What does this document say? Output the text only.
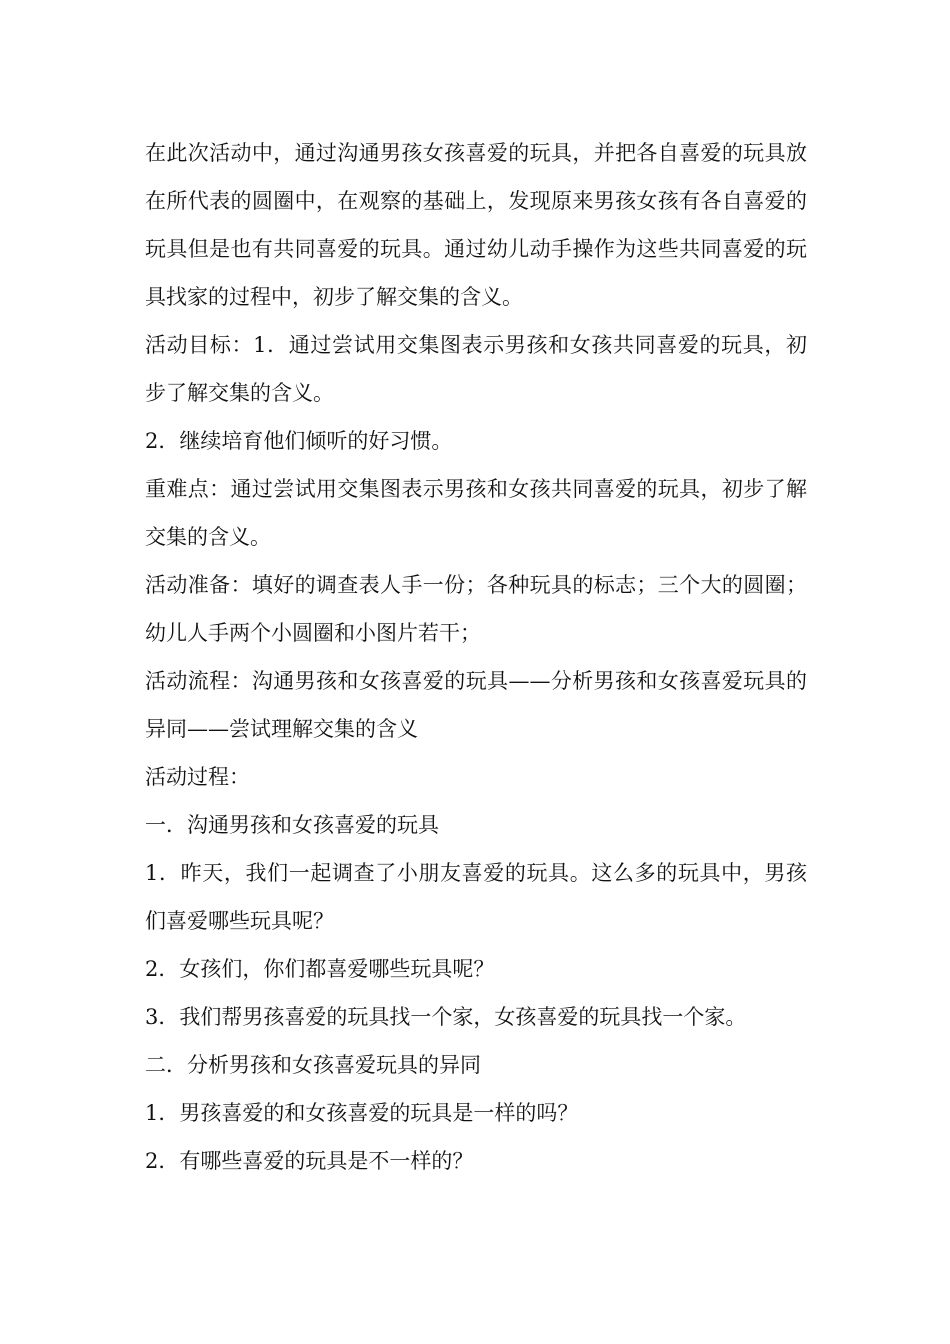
在此次活动中，通过沟通男孩女孩喜爱的玩具，并把各自喜爱的玩具放在所代表的圆圈中，在观察的基础上，发现原来男孩女孩有各自喜爱的玩具但是也有共同喜爱的玩具。通过幼儿动手操作为这些共同喜爱的玩具找家的过程中，初步了解交集的含义。

活动目标：1．通过尝试用交集图表示男孩和女孩共同喜爱的玩具，初步了解交集的含义。

2．继续培育他们倾听的好习惯。

重难点：通过尝试用交集图表示男孩和女孩共同喜爱的玩具，初步了解交集的含义。

活动准备：填好的调查表人手一份；各种玩具的标志；三个大的圆圈；幼儿人手两个小圆圈和小图片若干；

活动流程：沟通男孩和女孩喜爱的玩具——分析男孩和女孩喜爱玩具的异同——尝试理解交集的含义

活动过程：

一．沟通男孩和女孩喜爱的玩具

1．昨天，我们一起调查了小朋友喜爱的玩具。这么多的玩具中，男孩们喜爱哪些玩具呢？

2．女孩们，你们都喜爱哪些玩具呢？

3．我们帮男孩喜爱的玩具找一个家，女孩喜爱的玩具找一个家。

二．分析男孩和女孩喜爱玩具的异同

1．男孩喜爱的和女孩喜爱的玩具是一样的吗？

2．有哪些喜爱的玩具是不一样的？
